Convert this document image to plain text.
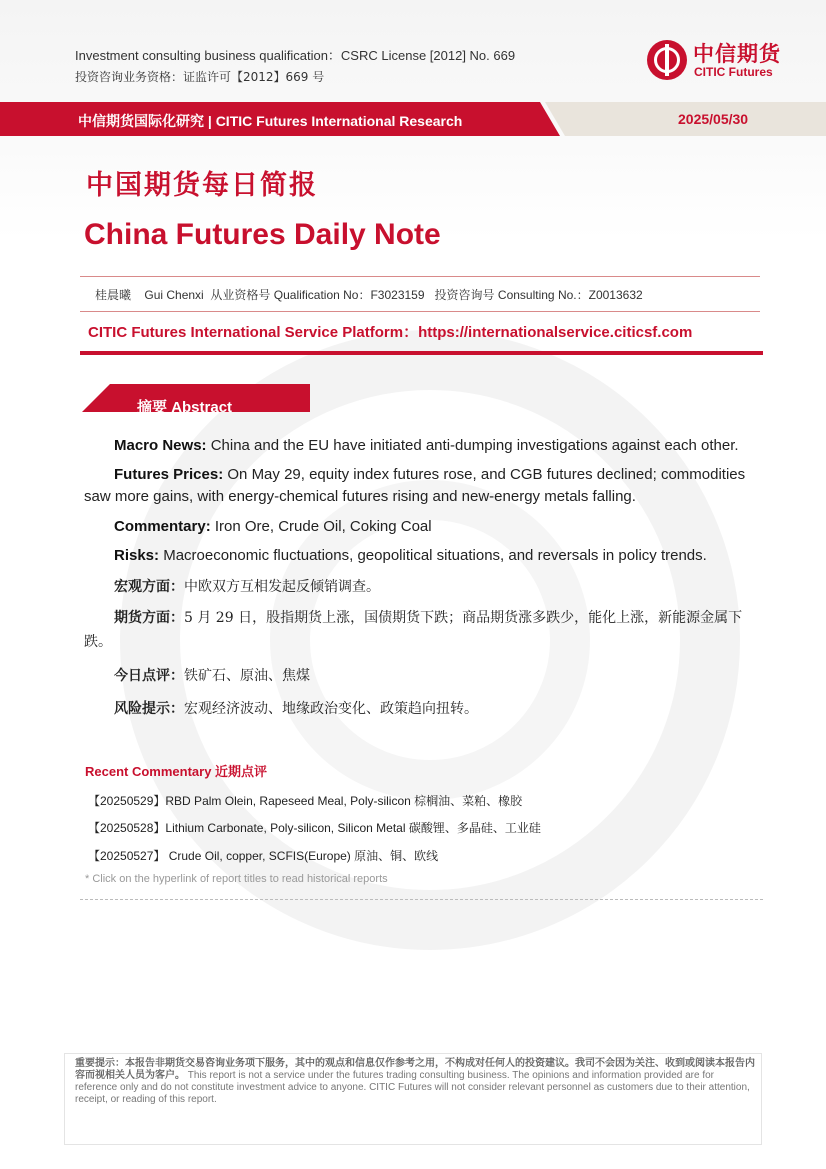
Investment consulting business qualification：CSRC License [2012] No. 669
投资咨询业务资格：证监许可【2012】669 号
中信期货
CITIC Futures
中信期货国际化研究 | CITIC Futures International Research	2025/05/30
中国期货每日简报
China Futures Daily Note
桂晨曦 Gui Chenxi 从业资格号 Qualification No：F3023159 投资咨询号 Consulting No.：Z0013632
CITIC Futures International Service Platform：https://internationalservice.citicsf.com
摘要 Abstract
Macro News: China and the EU have initiated anti-dumping investigations against each other.
Futures Prices: On May 29, equity index futures rose, and CGB futures declined; commodities saw more gains, with energy-chemical futures rising and new-energy metals falling.
Commentary: Iron Ore, Crude Oil, Coking Coal
Risks: Macroeconomic fluctuations, geopolitical situations, and reversals in policy trends.
宏观方面：中欧双方互相发起反倾销调查。
期货方面：5 月 29 日，股指期货上涨，国债期货下跌；商品期货涨多跌少，能化上涨，新能源金属下跌。
今日点评：铁矿石、原油、焦煤
风险提示：宏观经济波动、地缘政治变化、政策趋向扭转。
Recent Commentary 近期点评
【20250529】RBD Palm Olein, Rapeseed Meal, Poly-silicon 棕榈油、菜粕、橡胶
【20250528】Lithium Carbonate, Poly-silicon, Silicon Metal 碳酸锂、多晶硅、工业硅
【20250527】 Crude Oil, copper, SCFIS(Europe) 原油、铜、欧线
* Click on the hyperlink of report titles to read historical reports
重要提示：本报告非期货交易咨询业务项下服务，其中的观点和信息仅作参考之用，不构成对任何人的投资建议。我司不会因为关注、收到或阅读本报告内容而视相关人员为客户。 This report is not a service under the futures trading consulting business. The opinions and information provided are for reference only and do not constitute investment advice to anyone. CITIC Futures will not consider relevant personnel as customers due to their attention, receipt, or reading of this report.
